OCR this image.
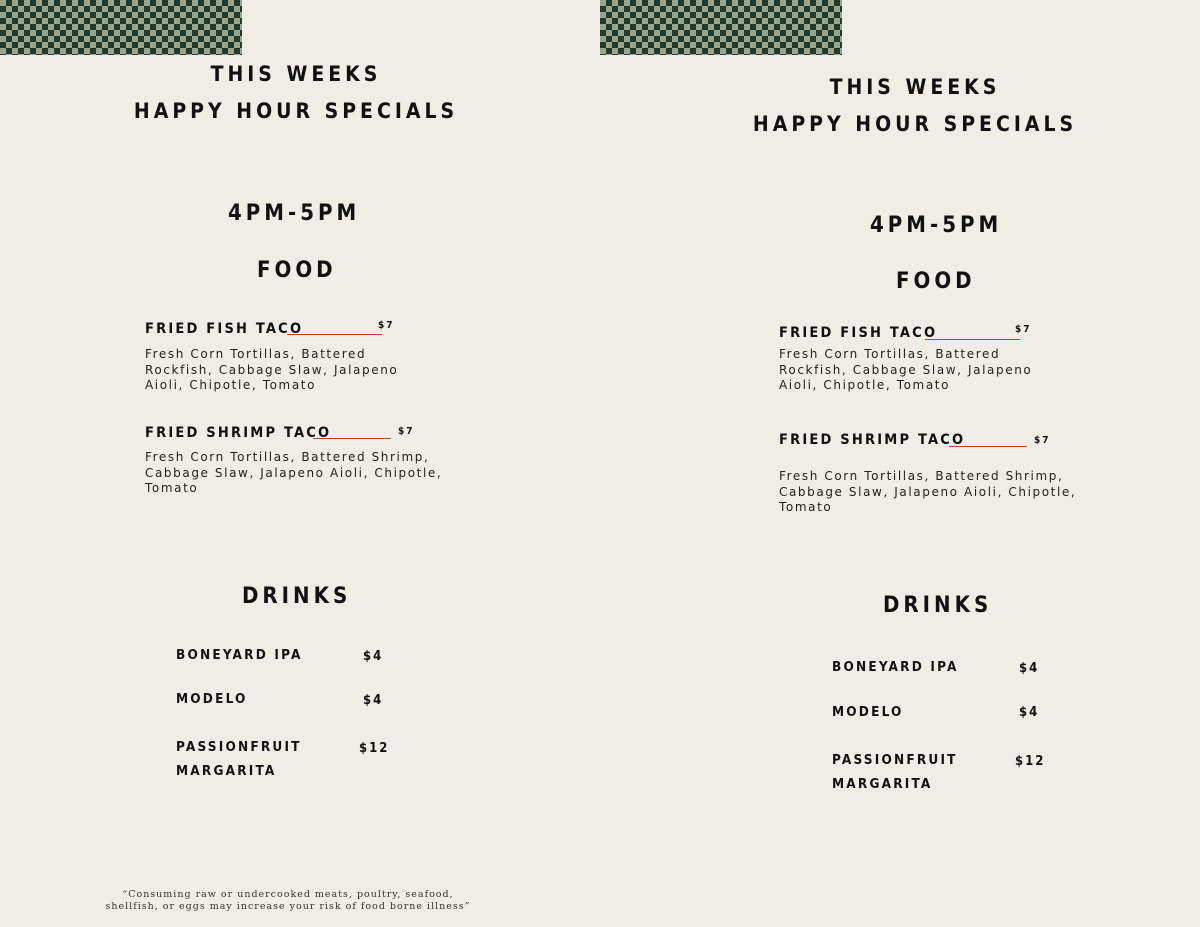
THIS WEEKS
HAPPY HOUR SPECIALS
4PM-5PM
FOOD
FRIED FISH TACO	$7
Fresh Corn Tortillas, Battered Rockfish, Cabbage Slaw, Jalapeno Aioli, Chipotle, Tomato
FRIED SHRIMP TACO	$7
Fresh Corn Tortillas, Battered Shrimp, Cabbage Slaw, Jalapeno Aioli, Chipotle, Tomato
DRINKS
BONEYARD IPA	$4
MODELO	$4
PASSIONFRUIT
MARGARITA
$12
“Consuming raw or undercooked meats, poultry, seafood,
shellfish, or eggs may increase your risk of food borne illness”
THIS WEEKS
HAPPY HOUR SPECIALS
4PM-5PM
FOOD
FRIED FISH TACO	$7
Fresh Corn Tortillas, Battered Rockfish, Cabbage Slaw, Jalapeno Aioli, Chipotle, Tomato
FRIED SHRIMP TACO	$7
Fresh Corn Tortillas, Battered Shrimp, Cabbage Slaw, Jalapeno Aioli, Chipotle, Tomato
DRINKS
BONEYARD IPA	$4
MODELO	$4
PASSIONFRUIT
MARGARITA
$12
